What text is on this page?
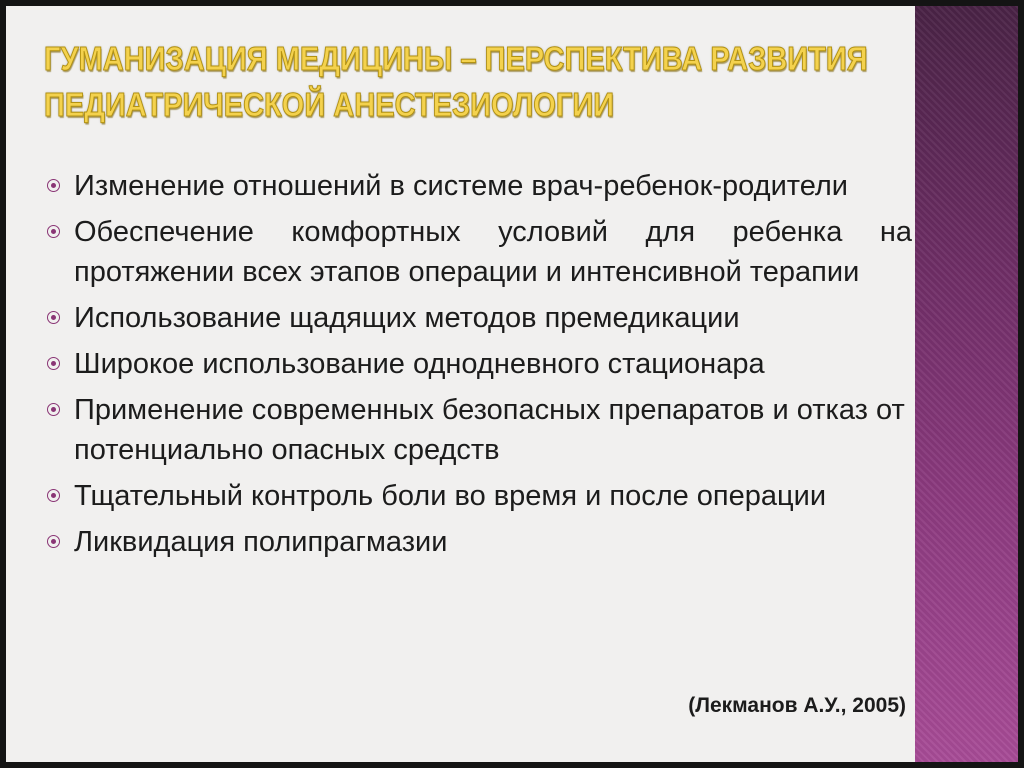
ГУМАНИЗАЦИЯ МЕДИЦИНЫ – ПЕРСПЕКТИВА РАЗВИТИЯ
ПЕДИАТРИЧЕСКОЙ АНЕСТЕЗИОЛОГИИ
Изменение отношений в системе врач-ребенок-родители
Обеспечение комфортных условий для ребенка на протяжении всех этапов операции и интенсивной терапии
Использование щадящих методов премедикации
Широкое использование однодневного стационара
Применение современных безопасных препаратов и отказ от потенциально опасных средств
Тщательный контроль боли во время и после операции
Ликвидация полипрагмазии
(Лекманов А.У., 2005)
